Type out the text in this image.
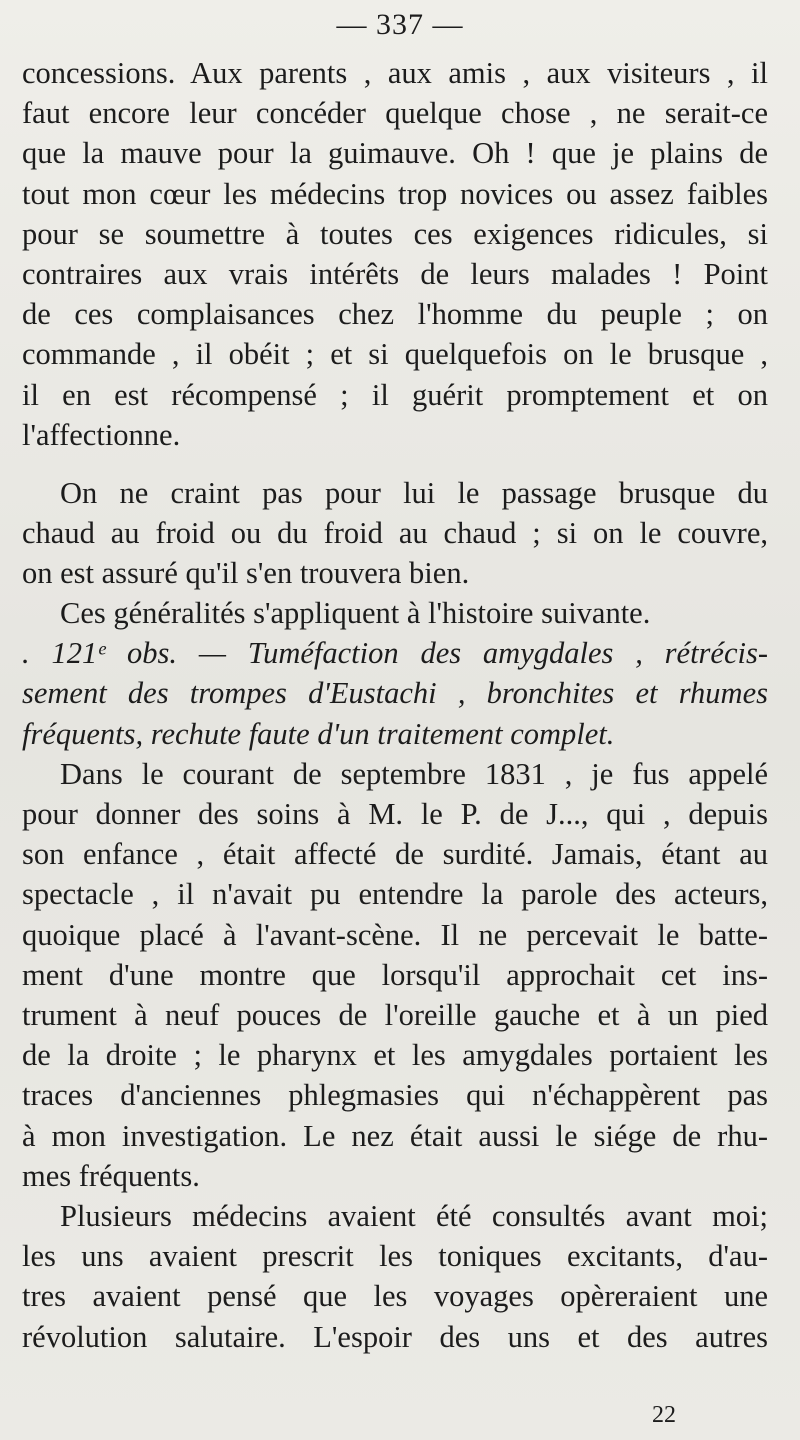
— 337 —
concessions. Aux parents , aux amis , aux visiteurs , il
faut encore leur concéder quelque chose , ne serait-ce
que la mauve pour la guimauve. Oh ! que je plains de
tout mon cœur les médecins trop novices ou assez faibles
pour se soumettre à toutes ces exigences ridicules, si
contraires aux vrais intérêts de leurs malades ! Point
de ces complaisances chez l'homme du peuple ; on
commande , il obéit ; et si quelquefois on le brusque ,
il en est récompensé ; il guérit promptement et on
l'affectionne.
On ne craint pas pour lui le passage brusque du
chaud au froid ou du froid au chaud ; si on le couvre,
on est assuré qu'il s'en trouvera bien.
Ces généralités s'appliquent à l'histoire suivante.
. 121ᵉ obs. — Tuméfaction des amygdales , rétrécis-
sement des trompes d'Eustachi , bronchites et rhumes
fréquents, rechute faute d'un traitement complet.
Dans le courant de septembre 1831 , je fus appelé
pour donner des soins à M. le P. de J..., qui , depuis
son enfance , était affecté de surdité. Jamais, étant au
spectacle , il n'avait pu entendre la parole des acteurs,
quoique placé à l'avant-scène. Il ne percevait le batte-
ment d'une montre que lorsqu'il approchait cet ins-
trument à neuf pouces de l'oreille gauche et à un pied
de la droite ; le pharynx et les amygdales portaient les
traces d'anciennes phlegmasies qui n'échappèrent pas
à mon investigation. Le nez était aussi le siége de rhu-
mes fréquents.
Plusieurs médecins avaient été consultés avant moi;
les uns avaient prescrit les toniques excitants, d'au-
tres avaient pensé que les voyages opèreraient une
révolution salutaire. L'espoir des uns et des autres
22
